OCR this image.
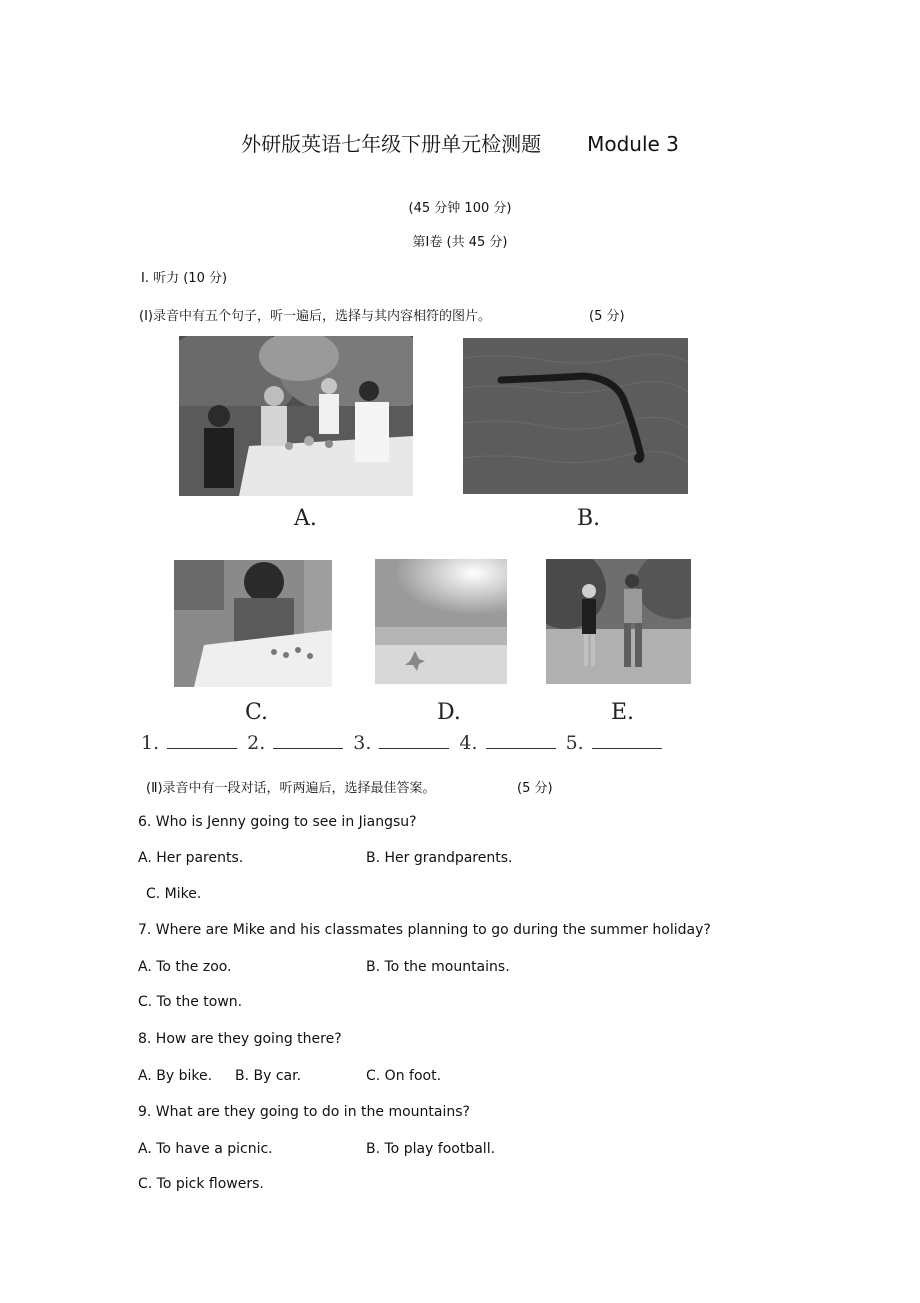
外研版英语七年级下册单元检测题 Module 3
(45 分钟 100 分)
第Ⅰ卷 (共 45 分)
Ⅰ. 听力 (10 分)
(Ⅰ)录音中有五个句子，听一遍后，选择与其内容相符的图片。	(5 分)
A.	B.
C.	D.	E.
1.	2.	3.	4.	5.
(Ⅱ)录音中有一段对话，听两遍后，选择最佳答案。	(5 分)
6. Who is Jenny going to see in Jiangsu?
A. Her parents.	B. Her grandparents.
C. Mike.
7. Where are Mike and his classmates planning to go during the summer holiday?
A. To the zoo.	B. To the mountains.
C. To the town.
8. How are they going there?
A. By bike. B. By car.	C. On foot.
9. What are they going to do in the mountains?
A. To have a picnic.	B. To play football.
C. To pick flowers.
